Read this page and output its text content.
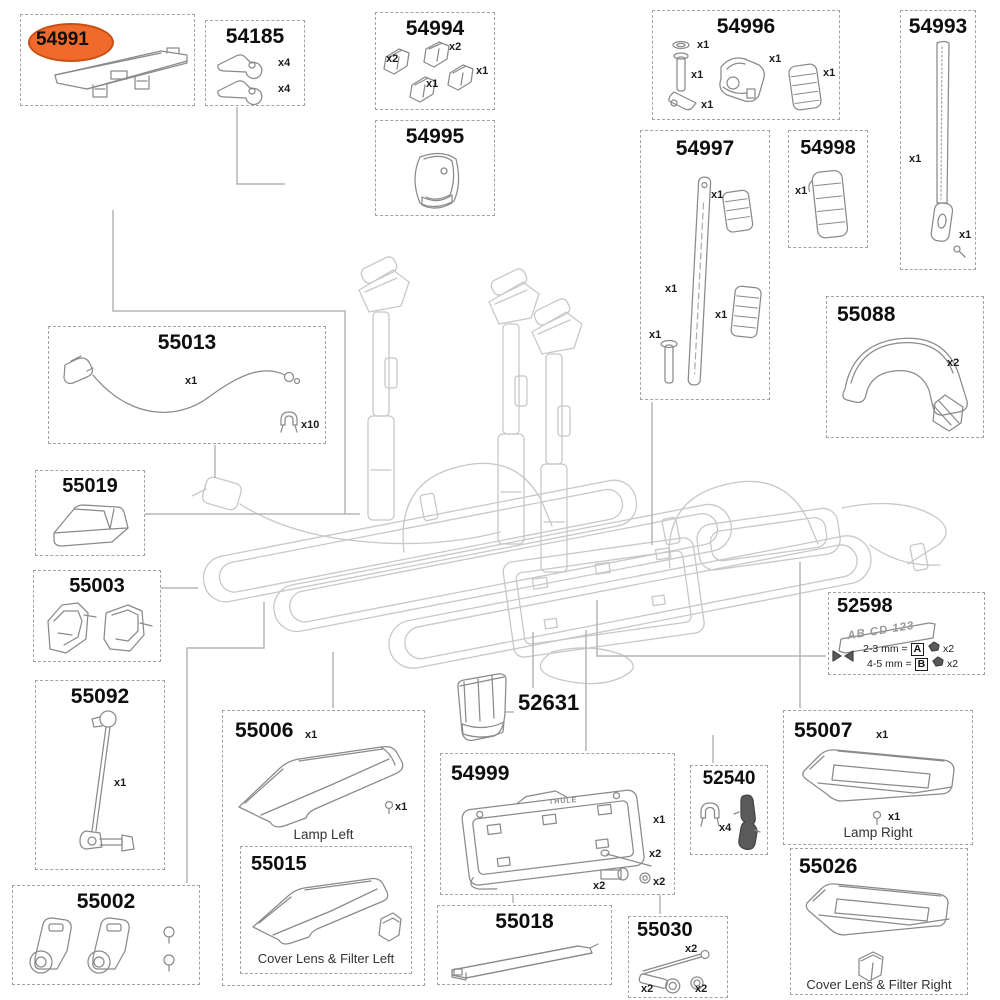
54991	54185
x4
x4
54994
x2
x2
x1
x1
54995
54996
x1
x1
x1
x1
x1
54993
x1
x1
54997
x1
x1
x1
x1
54998
x1
55088
x2
55013
x1
x10
55019
55003
55092
x1
55002
55006 x1
x1
Lamp Left
55015
Cover Lens & Filter Left
54999
THULE
x1
x2
x2	x2
55018	55030
x2
x2	x2
52540
x4
55007 x1
x1
Lamp Right
55026
Cover Lens & Filter Right
52598
AB CD 123
2-3 mm = A x2
4-5 mm = B x2
52631
